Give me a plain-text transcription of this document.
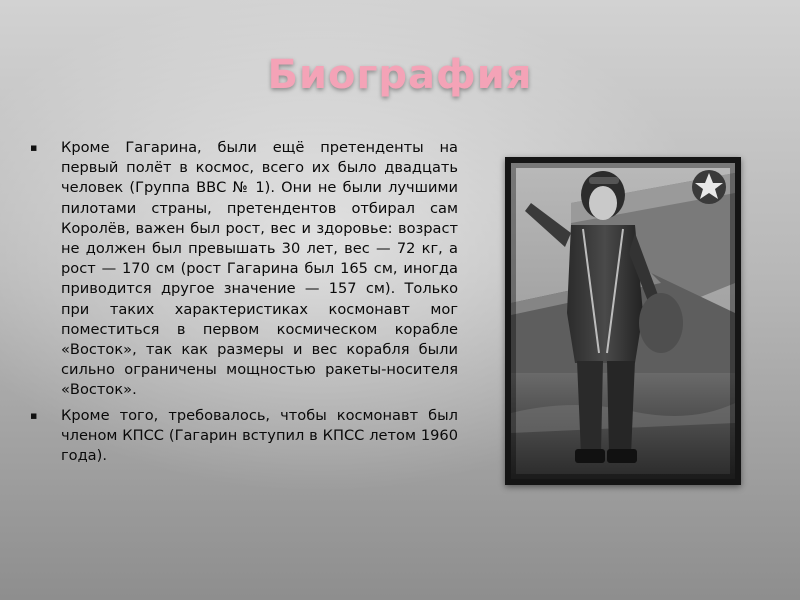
Биография
▪ Кроме Гагарина, были ещё претенденты на первый полёт в космос, всего их было двадцать человек (Группа ВВС № 1). Они не были лучшими пилотами страны, претендентов отбирал сам Королёв, важен был рост, вес и здоровье: возраст не должен был превышать 30 лет, вес — 72 кг, а рост — 170 см (рост Гагарина был 165 см, иногда приводится другое значение — 157 см). Только при таких характеристиках космонавт мог поместиться в первом космическом корабле «Восток», так как размеры и вес корабля были сильно ограничены мощностью ракеты-носителя «Восток».
▪ Кроме того, требовалось, чтобы космонавт был членом КПСС (Гагарин вступил в КПСС летом 1960 года).
